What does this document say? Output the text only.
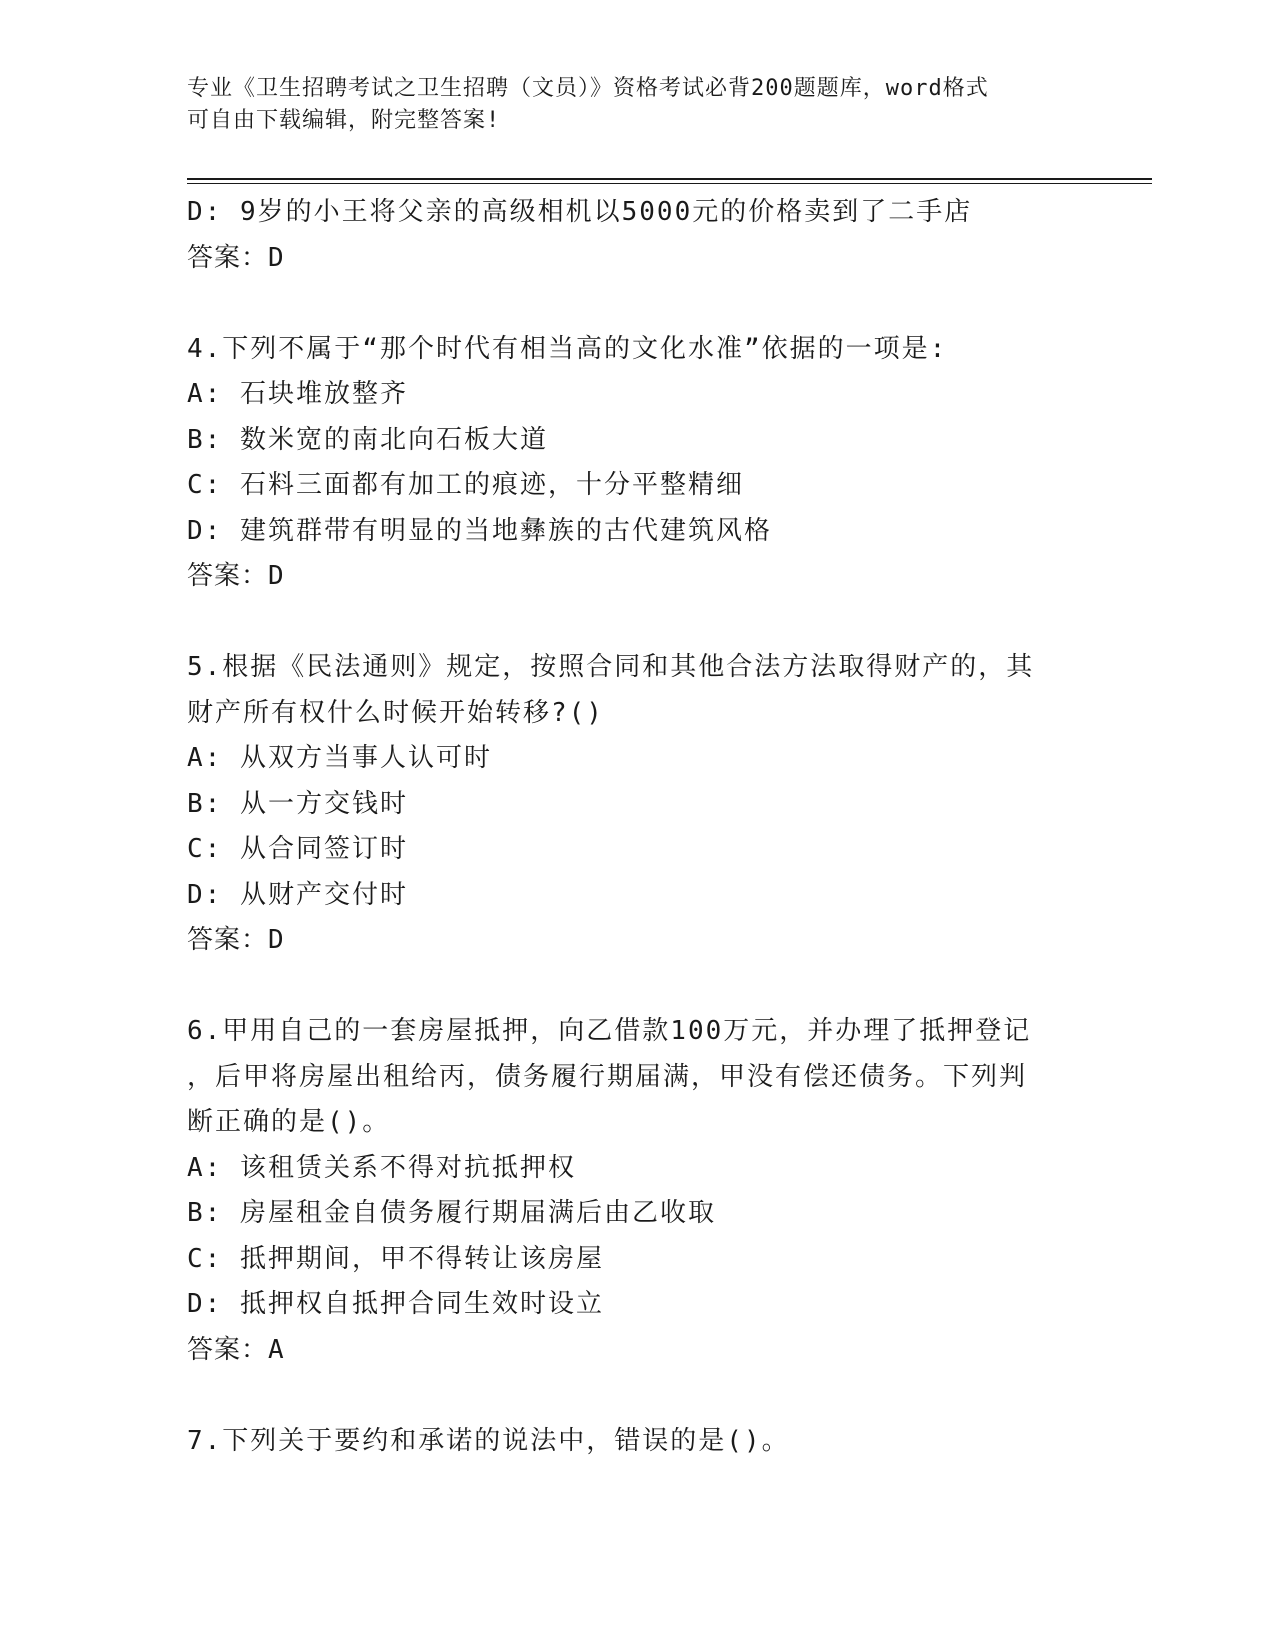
专业《卫生招聘考试之卫生招聘（文员）》资格考试必背200题题库，word格式
可自由下载编辑，附完整答案!
D: 9岁的小王将父亲的高级相机以5000元的价格卖到了二手店
答案：D
4.下列不属于“那个时代有相当高的文化水准”依据的一项是:
A: 石块堆放整齐
B: 数米宽的南北向石板大道
C: 石料三面都有加工的痕迹，十分平整精细
D: 建筑群带有明显的当地彝族的古代建筑风格
答案：D
5.根据《民法通则》规定，按照合同和其他合法方法取得财产的，其
财产所有权什么时候开始转移?()
A: 从双方当事人认可时
B: 从一方交钱时
C: 从合同签订时
D: 从财产交付时
答案：D
6.甲用自己的一套房屋抵押，向乙借款100万元，并办理了抵押登记
，后甲将房屋出租给丙，债务履行期届满，甲没有偿还债务。下列判
断正确的是()。
A: 该租赁关系不得对抗抵押权
B: 房屋租金自债务履行期届满后由乙收取
C: 抵押期间，甲不得转让该房屋
D: 抵押权自抵押合同生效时设立
答案：A
7.下列关于要约和承诺的说法中，错误的是()。
